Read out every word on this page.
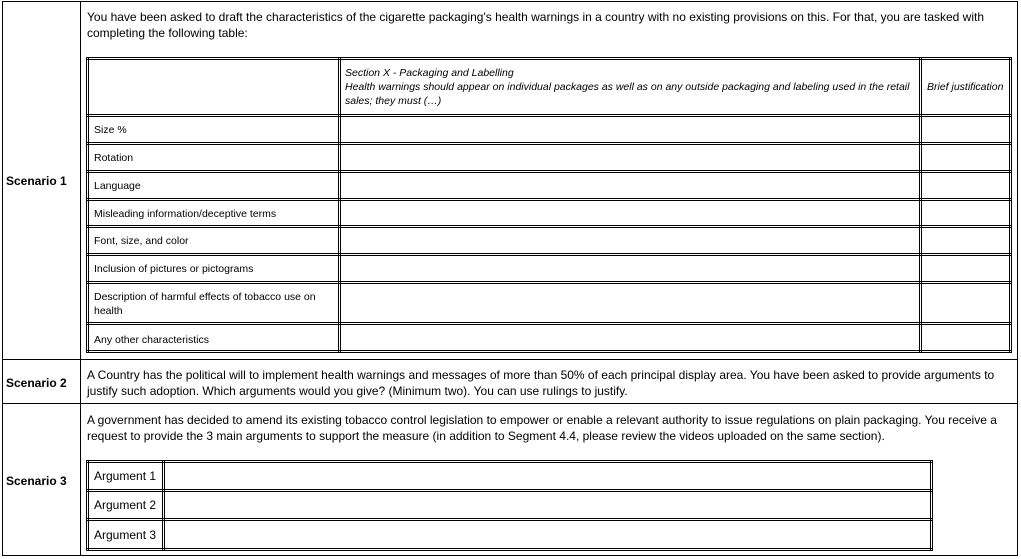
Scenario 1
You have been asked to draft the characteristics of the cigarette packaging's health warnings in a country with no existing provisions on this. For that, you are tasked with completing the following table:
Section X - Packaging and Labelling
Health warnings should appear on individual packages as well as on any outside packaging and labeling used in the retail sales; they must (…)
Brief justification
Size %
Rotation
Language
Misleading information/deceptive terms
Font, size, and color
Inclusion of pictures or pictograms
Description of harmful effects of tobacco use on health
Any other characteristics
Scenario 2
A Country has the political will to implement health warnings and messages of more than 50% of each principal display area. You have been asked to provide arguments to justify such adoption. Which arguments would you give? (Minimum two). You can use rulings to justify.
Scenario 3
A government has decided to amend its existing tobacco control legislation to empower or enable a relevant authority to issue regulations on plain packaging. You receive a request to provide the 3 main arguments to support the measure (in addition to Segment 4.4, please review the videos uploaded on the same section).
Argument 1
Argument 2
Argument 3
